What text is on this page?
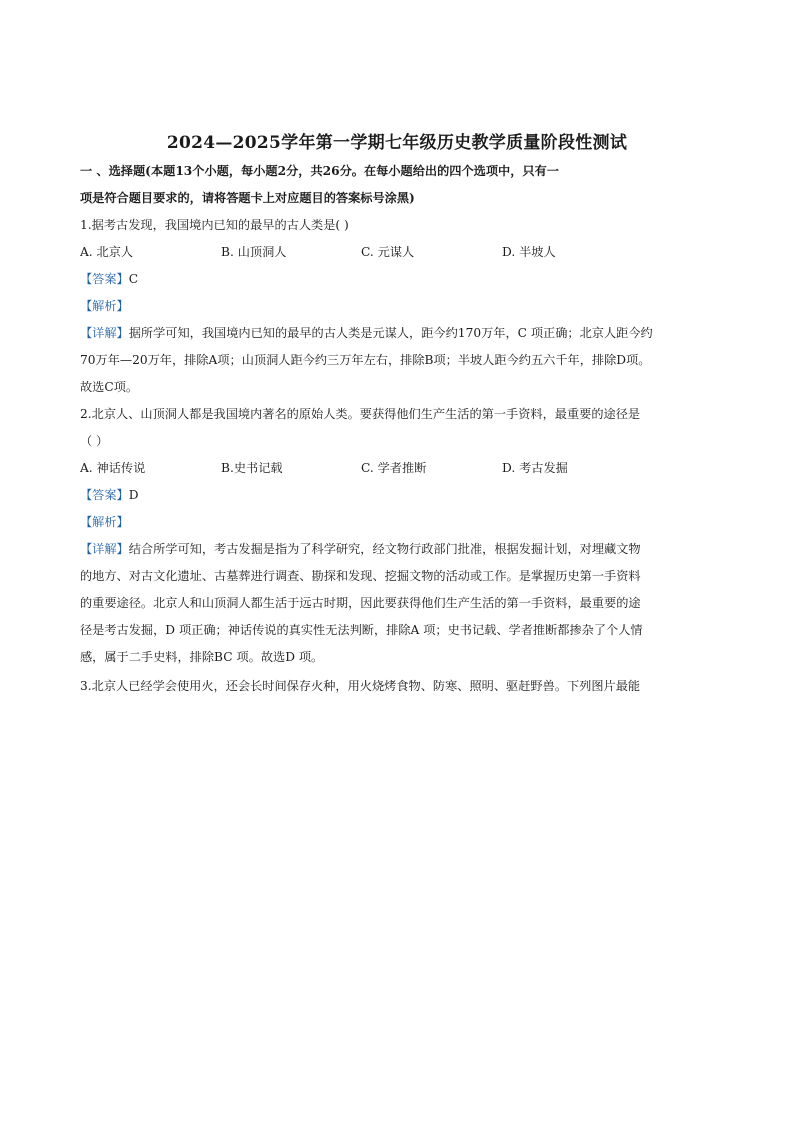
2024—2025学年第一学期七年级历史教学质量阶段性测试
一 、选择题(本题13个小题，每小题2分，共26分。在每小题给出的四个选项中，只有一
项是符合题目要求的，请将答题卡上对应题目的答案标号涂黑)
1.据考古发现，我国境内已知的最早的古人类是( )
A. 北京人	B. 山顶洞人	C. 元谋人	D. 半坡人
【答案】C
【解析】
【详解】据所学可知，我国境内已知的最早的古人类是元谋人，距今约170万年，C 项正确；北京人距今约
70万年—20万年，排除A项；山顶洞人距今约三万年左右，排除B项；半坡人距今约五六千年，排除D项。
故选C项。
2.北京人、山顶洞人都是我国境内著名的原始人类。要获得他们生产生活的第一手资料，最重要的途径是
（ ）
A. 神话传说	B.史书记载	C. 学者推断	D. 考古发掘
【答案】D
【解析】
【详解】结合所学可知，考古发掘是指为了科学研究，经文物行政部门批准，根据发掘计划，对埋藏文物
的地方、对古文化遗址、古墓葬进行调查、勘探和发现、挖掘文物的活动或工作。是掌握历史第一手资料
的重要途径。北京人和山顶洞人都生活于远古时期，因此要获得他们生产生活的第一手资料，最重要的途
径是考古发掘，D 项正确；神话传说的真实性无法判断，排除A 项；史书记载、学者推断都掺杂了个人情
感，属于二手史料，排除BC 项。故选D 项。
3.北京人已经学会使用火，还会长时间保存火种，用火烧烤食物、防寒、照明、驱赶野兽。下列图片最能
